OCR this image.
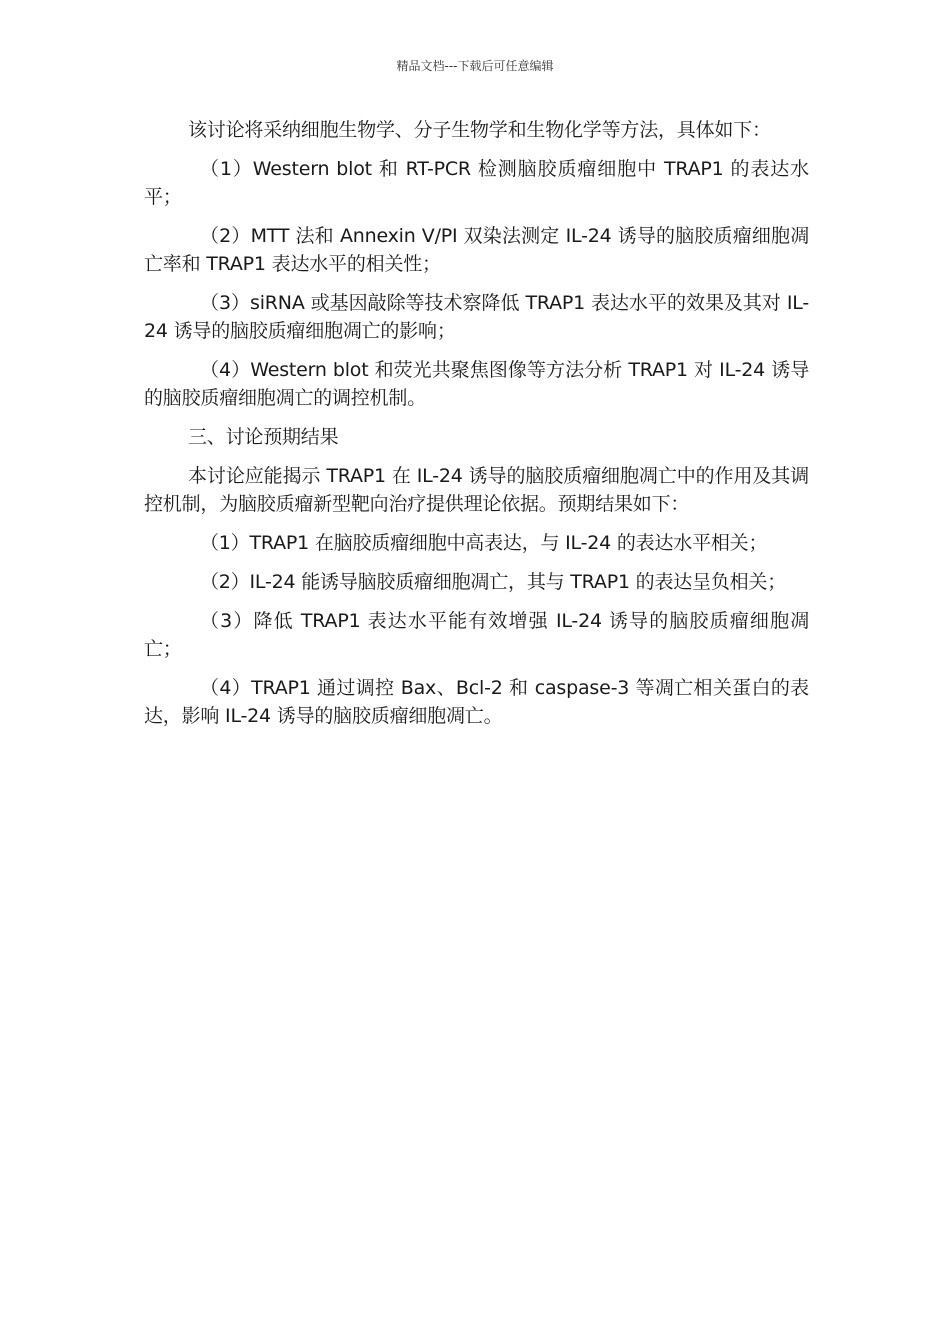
精品文档---下载后可任意编辑

该讨论将采纳细胞生物学、分子生物学和生物化学等方法，具体如下：

（1）Western blot 和 RT-PCR 检测脑胶质瘤细胞中 TRAP1 的表达水平；

（2）MTT 法和 Annexin V/PI 双染法测定 IL-24 诱导的脑胶质瘤细胞凋亡率和 TRAP1 表达水平的相关性；

（3）siRNA 或基因敲除等技术察降低 TRAP1 表达水平的效果及其对 IL-24 诱导的脑胶质瘤细胞凋亡的影响；

（4）Western blot 和荧光共聚焦图像等方法分析 TRAP1 对 IL-24 诱导的脑胶质瘤细胞凋亡的调控机制。

三、讨论预期结果

本讨论应能揭示 TRAP1 在 IL-24 诱导的脑胶质瘤细胞凋亡中的作用及其调控机制，为脑胶质瘤新型靶向治疗提供理论依据。预期结果如下：

（1）TRAP1 在脑胶质瘤细胞中高表达，与 IL-24 的表达水平相关；

（2）IL-24 能诱导脑胶质瘤细胞凋亡，其与 TRAP1 的表达呈负相关；

（3）降低 TRAP1 表达水平能有效增强 IL-24 诱导的脑胶质瘤细胞凋亡；

（4）TRAP1 通过调控 Bax、Bcl-2 和 caspase-3 等凋亡相关蛋白的表达，影响 IL-24 诱导的脑胶质瘤细胞凋亡。
